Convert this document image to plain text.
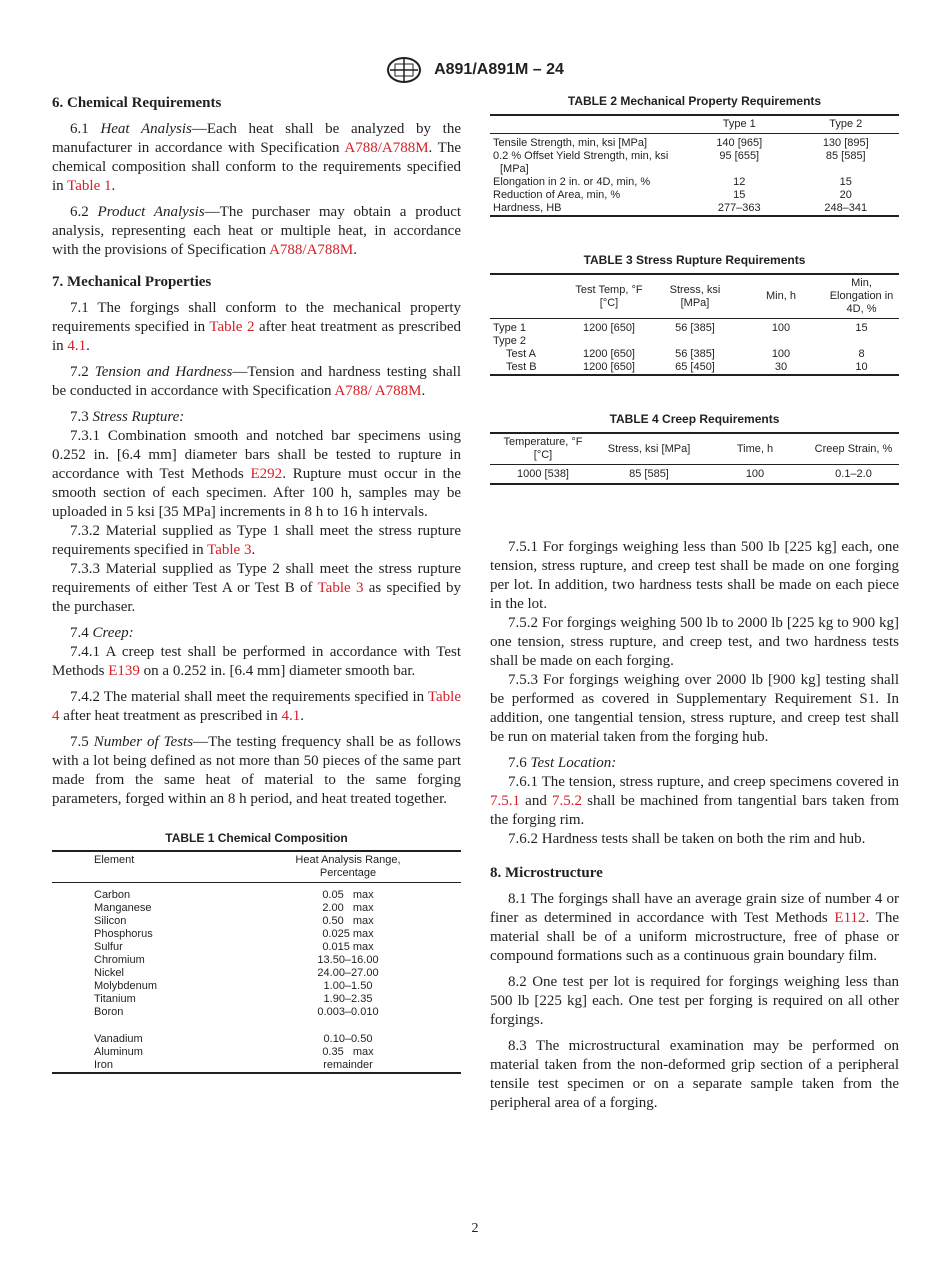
A891/A891M – 24
6. Chemical Requirements

6.1 Heat Analysis—Each heat shall be analyzed by the manufacturer in accordance with Specification A788/A788M. The chemical composition shall conform to the requirements specified in Table 1.

6.2 Product Analysis—The purchaser may obtain a product analysis, representing each heat or multiple heat, in accordance with the provisions of Specification A788/A788M.

7. Mechanical Properties

7.1 The forgings shall conform to the mechanical property requirements specified in Table 2 after heat treatment as prescribed in 4.1.

7.2 Tension and Hardness—Tension and hardness testing shall be conducted in accordance with Specification A788/ A788M.

7.3 Stress Rupture:

7.3.1 Combination smooth and notched bar specimens using 0.252 in. [6.4 mm] diameter bars shall be tested to rupture in accordance with Test Methods E292. Rupture must occur in the smooth section of each specimen. After 100 h, samples may be uploaded in 5 ksi [35 MPa] increments in 8 h to 16 h intervals.

7.3.2 Material supplied as Type 1 shall meet the stress rupture requirements specified in Table 3.

7.3.3 Material supplied as Type 2 shall meet the stress rupture requirements of either Test A or Test B of Table 3 as specified by the purchaser.

7.4 Creep:

7.4.1 A creep test shall be performed in accordance with Test Methods E139 on a 0.252 in. [6.4 mm] diameter smooth bar.

7.4.2 The material shall meet the requirements specified in Table 4 after heat treatment as prescribed in 4.1.

7.5 Number of Tests—The testing frequency shall be as follows with a lot being defined as not more than 50 pieces of the same part made from the same heat of material to the same forging parameters, forged within an 8 h period, and heat treated together.

TABLE 1 Chemical Composition
Element	Heat Analysis Range, Percentage
Carbon	0.05   max
Manganese	2.00   max
Silicon	0.50   max
Phosphorus	0.025 max
Sulfur	0.015 max
Chromium	13.50–16.00
Nickel	24.00–27.00
Molybdenum	1.00–1.50
Titanium	1.90–2.35
Boron	0.003–0.010

Vanadium	0.10–0.50
Aluminum	0.35   max
Iron	remainder
TABLE 2 Mechanical Property Requirements
	Type 1	Type 2
Tensile Strength, min, ksi [MPa]	140 [965]	130 [895]
0.2 % Offset Yield Strength, min, ksi [MPa]	95 [655]	85 [585]
Elongation in 2 in. or 4D, min, %	12	15
Reduction of Area, min, %	15	20
Hardness, HB	277–363	248–341
TABLE 3 Stress Rupture Requirements
	Test Temp, °F [°C]	Stress, ksi [MPa]	Min, h	Min, Elongation in 4D, %
Type 1	1200 [650]	56 [385]	100	15
Type 2				
Test A	1200 [650]	56 [385]	100	8
Test B	1200 [650]	65 [450]	30	10
TABLE 4 Creep Requirements
Temperature, °F [°C]	Stress, ksi [MPa]	Time, h	Creep Strain, %
1000 [538]	85 [585]	100	0.1–2.0

7.5.1 For forgings weighing less than 500 lb [225 kg] each, one tension, stress rupture, and creep test shall be made on one forging per lot. In addition, two hardness tests shall be made on each piece in the lot.

7.5.2 For forgings weighing 500 lb to 2000 lb [225 kg to 900 kg] one tension, stress rupture, and creep test, and two hardness tests shall be made on each forging.

7.5.3 For forgings weighing over 2000 lb [900 kg] testing shall be performed as covered in Supplementary Requirement S1. In addition, one tangential tension, stress rupture, and creep test shall be run on material taken from the forging hub.

7.6 Test Location:

7.6.1 The tension, stress rupture, and creep specimens covered in 7.5.1 and 7.5.2 shall be machined from tangential bars taken from the forging rim.

7.6.2 Hardness tests shall be taken on both the rim and hub.

8. Microstructure

8.1 The forgings shall have an average grain size of number 4 or finer as determined in accordance with Test Methods E112. The material shall be of a uniform microstructure, free of phase or compound formations such as a continuous grain boundary film.

8.2 One test per lot is required for forgings weighing less than 500 lb [225 kg] each. One test per forging is required on all other forgings.

8.3 The microstructural examination may be performed on material taken from the non-deformed grip section of a peripheral tensile test specimen or on a separate sample taken from the peripheral area of a forging.

2
